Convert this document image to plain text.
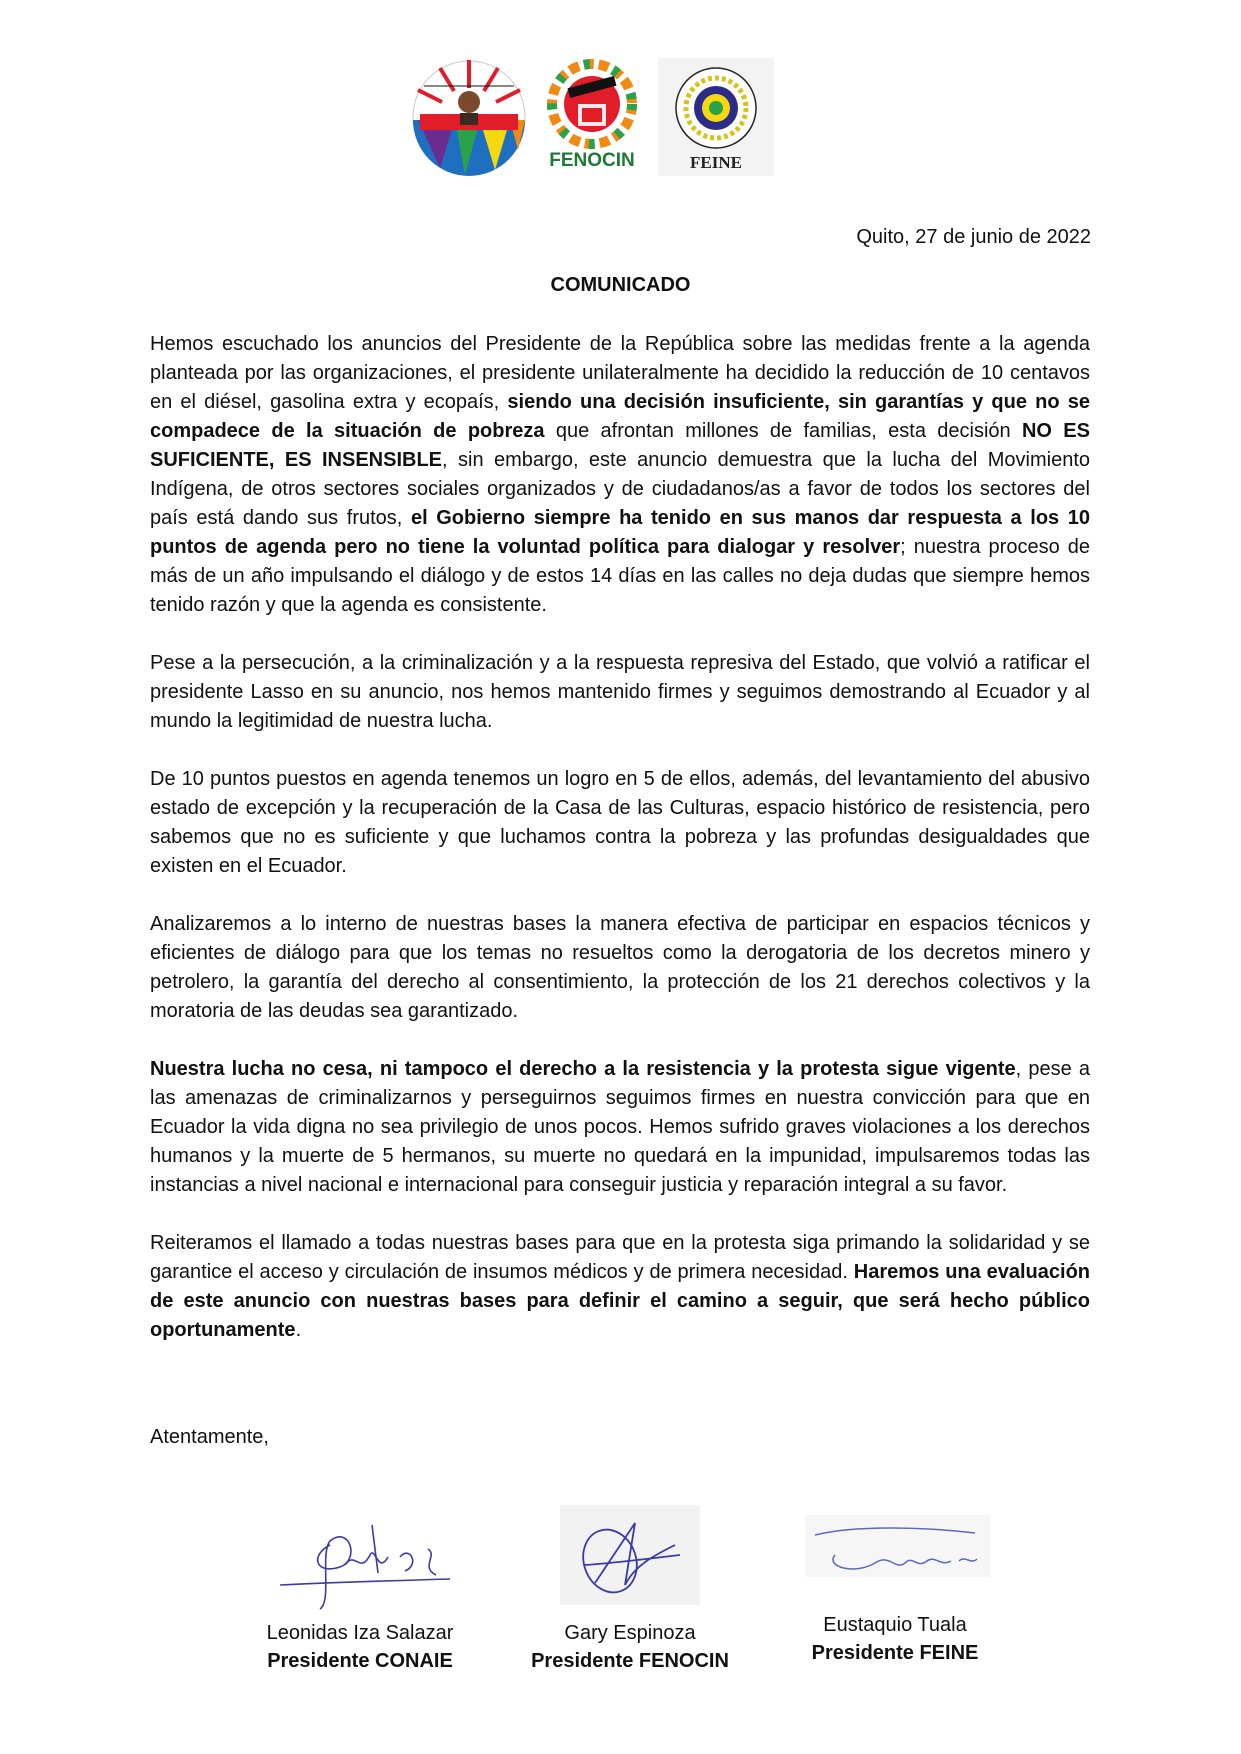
FENOCIN	FEINE
Quito, 27 de junio de 2022
COMUNICADO

Hemos escuchado los anuncios del Presidente de la República sobre las medidas frente a la agenda planteada por las organizaciones, el presidente unilateralmente ha decidido la reducción de 10 centavos en el diésel, gasolina extra y ecopaís, siendo una decisión insuficiente, sin garantías y que no se compadece de la situación de pobreza que afrontan millones de familias, esta decisión NO ES SUFICIENTE, ES INSENSIBLE, sin embargo, este anuncio demuestra que la lucha del Movimiento Indígena, de otros sectores sociales organizados y de ciudadanos/as a favor de todos los sectores del país está dando sus frutos, el Gobierno siempre ha tenido en sus manos dar respuesta a los 10 puntos de agenda pero no tiene la voluntad política para dialogar y resolver; nuestra proceso de más de un año impulsando el diálogo y de estos 14 días en las calles no deja dudas que siempre hemos tenido razón y que la agenda es consistente.

Pese a la persecución, a la criminalización y a la respuesta represiva del Estado, que volvió a ratificar el presidente Lasso en su anuncio, nos hemos mantenido firmes y seguimos demostrando al Ecuador y al mundo la legitimidad de nuestra lucha.

De 10 puntos puestos en agenda tenemos un logro en 5 de ellos, además, del levantamiento del abusivo estado de excepción y la recuperación de la Casa de las Culturas, espacio histórico de resistencia, pero sabemos que no es suficiente y que luchamos contra la pobreza y las profundas desigualdades que existen en el Ecuador.

Analizaremos a lo interno de nuestras bases la manera efectiva de participar en espacios técnicos y eficientes de diálogo para que los temas no resueltos como la derogatoria de los decretos minero y petrolero, la garantía del derecho al consentimiento, la protección de los 21 derechos colectivos y la moratoria de las deudas sea garantizado.

Nuestra lucha no cesa, ni tampoco el derecho a la resistencia y la protesta sigue vigente, pese a las amenazas de criminalizarnos y perseguirnos seguimos firmes en nuestra convicción para que en Ecuador la vida digna no sea privilegio de unos pocos. Hemos sufrido graves violaciones a los derechos humanos y la muerte de 5 hermanos, su muerte no quedará en la impunidad, impulsaremos todas las instancias a nivel nacional e internacional para conseguir justicia y reparación integral a su favor.

Reiteramos el llamado a todas nuestras bases para que en la protesta siga primando la solidaridad y se garantice el acceso y circulación de insumos médicos y de primera necesidad. Haremos una evaluación de este anuncio con nuestras bases para definir el camino a seguir, que será hecho público oportunamente.

Atentamente,
Leonidas Iza Salazar
Presidente CONAIE
Gary Espinoza
Presidente FENOCIN
Eustaquio Tuala
Presidente FEINE
